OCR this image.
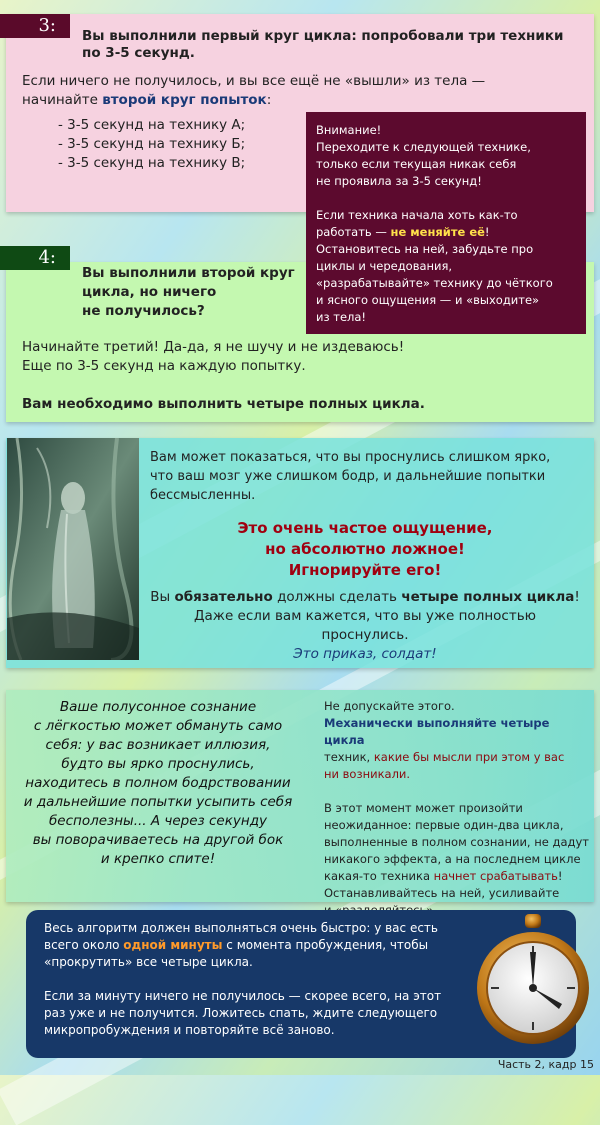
3:	Вы выполнили первый круг цикла: попробовали три техники по 3-5 секунд.

Если ничего не получилось, и вы все ещё не «вышли» из тела — начинайте второй круг попыток:

- 3-5 секунд на технику А;
- 3-5 секунд на технику Б;
- 3-5 секунд на технику В;
4:
Вы выполнили второй круг
цикла, но ничего
не получилось?
Начинайте третий! Да-да, я не шучу и не издеваюсь!
Еще по 3-5 секунд на каждую попытку.

Вам необходимо выполнить четыре полных цикла.

Внимание!
Переходите к следующей технике,
только если текущая никак себя
не проявила за 3-5 секунд!
Если техника начала хоть как-то
работать — не меняйте её!
Остановитесь на ней, забудьте про
циклы и чередования,
«разрабатывайте» технику до чёткого
и ясного ощущения — и «выходите»
из тела!
Вам может показаться, что вы проснулись слишком ярко,
что ваш мозг уже слишком бодр, и дальнейшие попытки
бессмысленны.
Это очень частое ощущение,
но абсолютно ложное!
Игнорируйте его!
Вы обязательно должны сделать четыре полных цикла!
Даже если вам кажется, что вы уже полностью
проснулись.
Это приказ, солдат!
Ваше полусонное сознание
с лёгкостью может обмануть само
себя: у вас возникает иллюзия,
будто вы ярко проснулись,
находитесь в полном бодрствовании
и дальнейшие попытки усыпить себя
бесполезны... А через секунду
вы поворачиваетесь на другой бок
и крепко спите!
Не допускайте этого.
Механически выполняйте четыре цикла
техник, какие бы мысли при этом у вас
ни возникали.
В этот момент может произойти
неожиданное: первые один-два цикла,
выполненные в полном сознании, не дадут
никакого эффекта, а на последнем цикле
какая-то техника начнет срабатывать!
Останавливайтесь на ней, усиливайте
Весь алгоритм должен выполняться очень быстро: у вас есть
всего около одной минуты с момента пробуждения, чтобы
«прокрутить» все четыре цикла.
Если за минуту ничего не получилось — скорее всего, на этот
раз уже и не получится. Ложитесь спать, ждите следующего
микропробуждения и повторяйте всё заново.
Часть 2, кадр 15
